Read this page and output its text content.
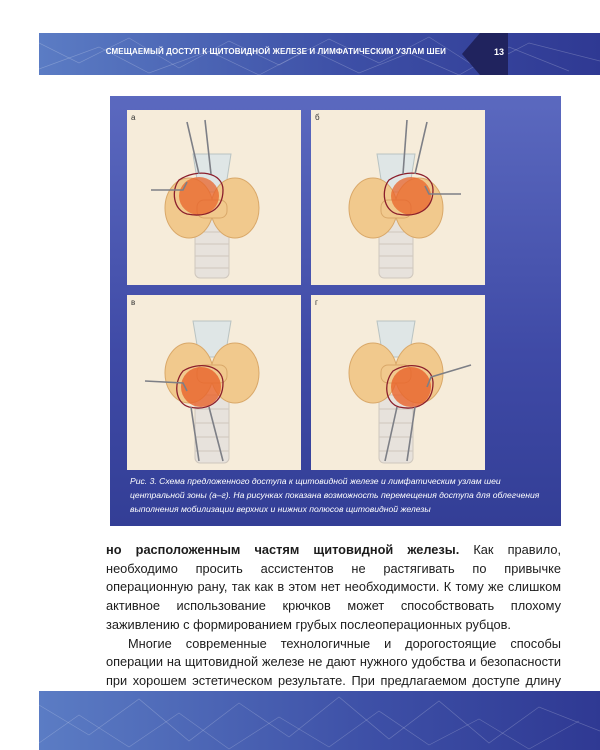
СМЕЩАЕМЫЙ ДОСТУП К ЩИТОВИДНОЙ ЖЕЛЕЗЕ И ЛИМФАТИЧЕСКИМ УЗЛАМ ШЕИ	13
а	б
в	г
Рис. 3. Схема предложенного доступа к щитовидной железе и лимфатическим узлам шеи центральной зоны (а–г). На рисунках показана возможность перемещения доступа для облегчения выполнения мобилизации верхних и нижних полюсов щитовидной железы

но расположенным частям щитовидной железы. Как правило, необходимо просить ассистентов не растягивать по привычке операционную рану, так как в этом нет необходимости. К тому же слишком активное использование крючков может способствовать плохому заживлению с формированием грубых послеоперационных рубцов.

Многие современные технологичные и дорогостоящие способы операции на щитовидной железе не дают нужного удобства и безопасности при хорошем эстетическом результате. При предлагаемом доступе длину
